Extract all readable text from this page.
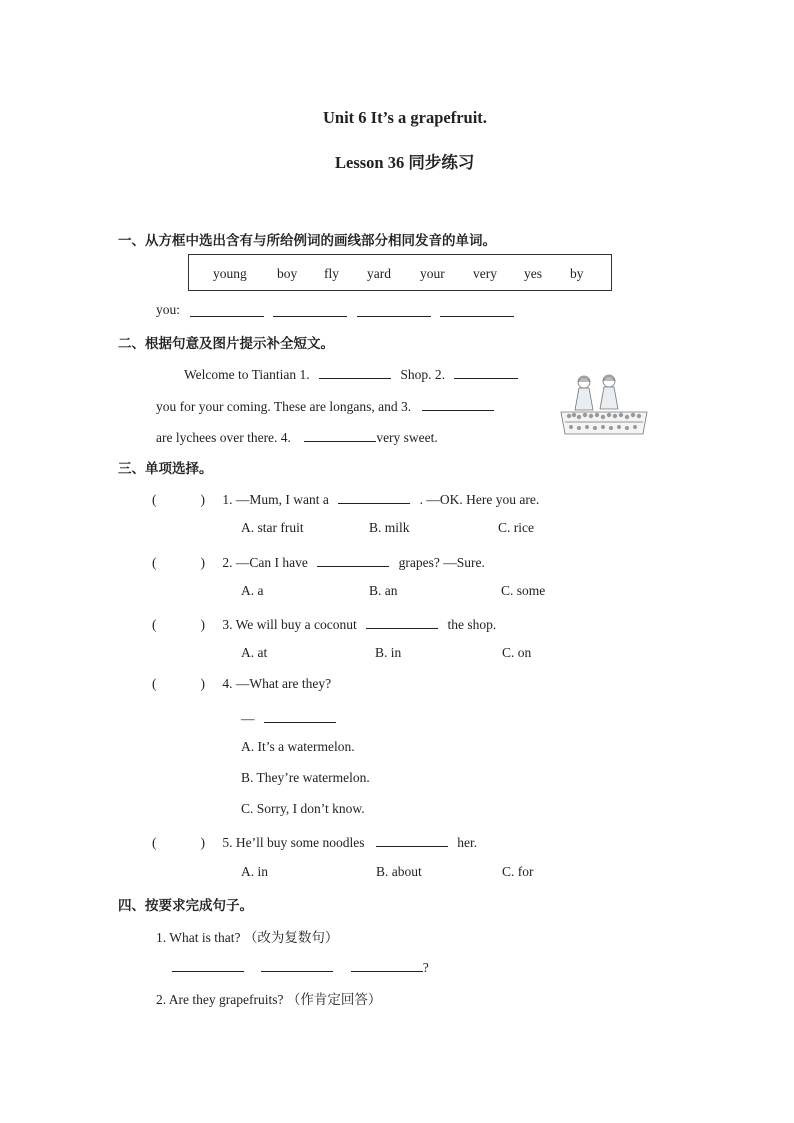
Unit 6 It’s a grapefruit.
Lesson 36 同步练习
一、从方框中选出含有与所给例词的画线部分相同发音的单词。
young boy fly yard your very yes by
you:

二、根据句意及图片提示补全短文。
Welcome to Tiantian 1.	Shop. 2.
you for your coming. These are longans, and 3.
are lychees over there. 4.	very sweet.
三、单项选择。
(	) 1. —Mum, I want a	. —OK. Here you are.
A. star fruit	B. milk	C. rice
(	) 2. —Can I have	grapes? —Sure.
A. a	B. an	C. some
(	) 3. We will buy a coconut	the shop.
A. at	B. in	C. on
(	) 4. —What are they?
—
A. It’s a watermelon.
B. They’re watermelon.
C. Sorry, I don’t know.
(	) 5. He’ll buy some noodles	her.
A. in	B. about	C. for
四、按要求完成句子。
1. What is that? （改为复数句）
?
2. Are they grapefruits? （作肯定回答）
